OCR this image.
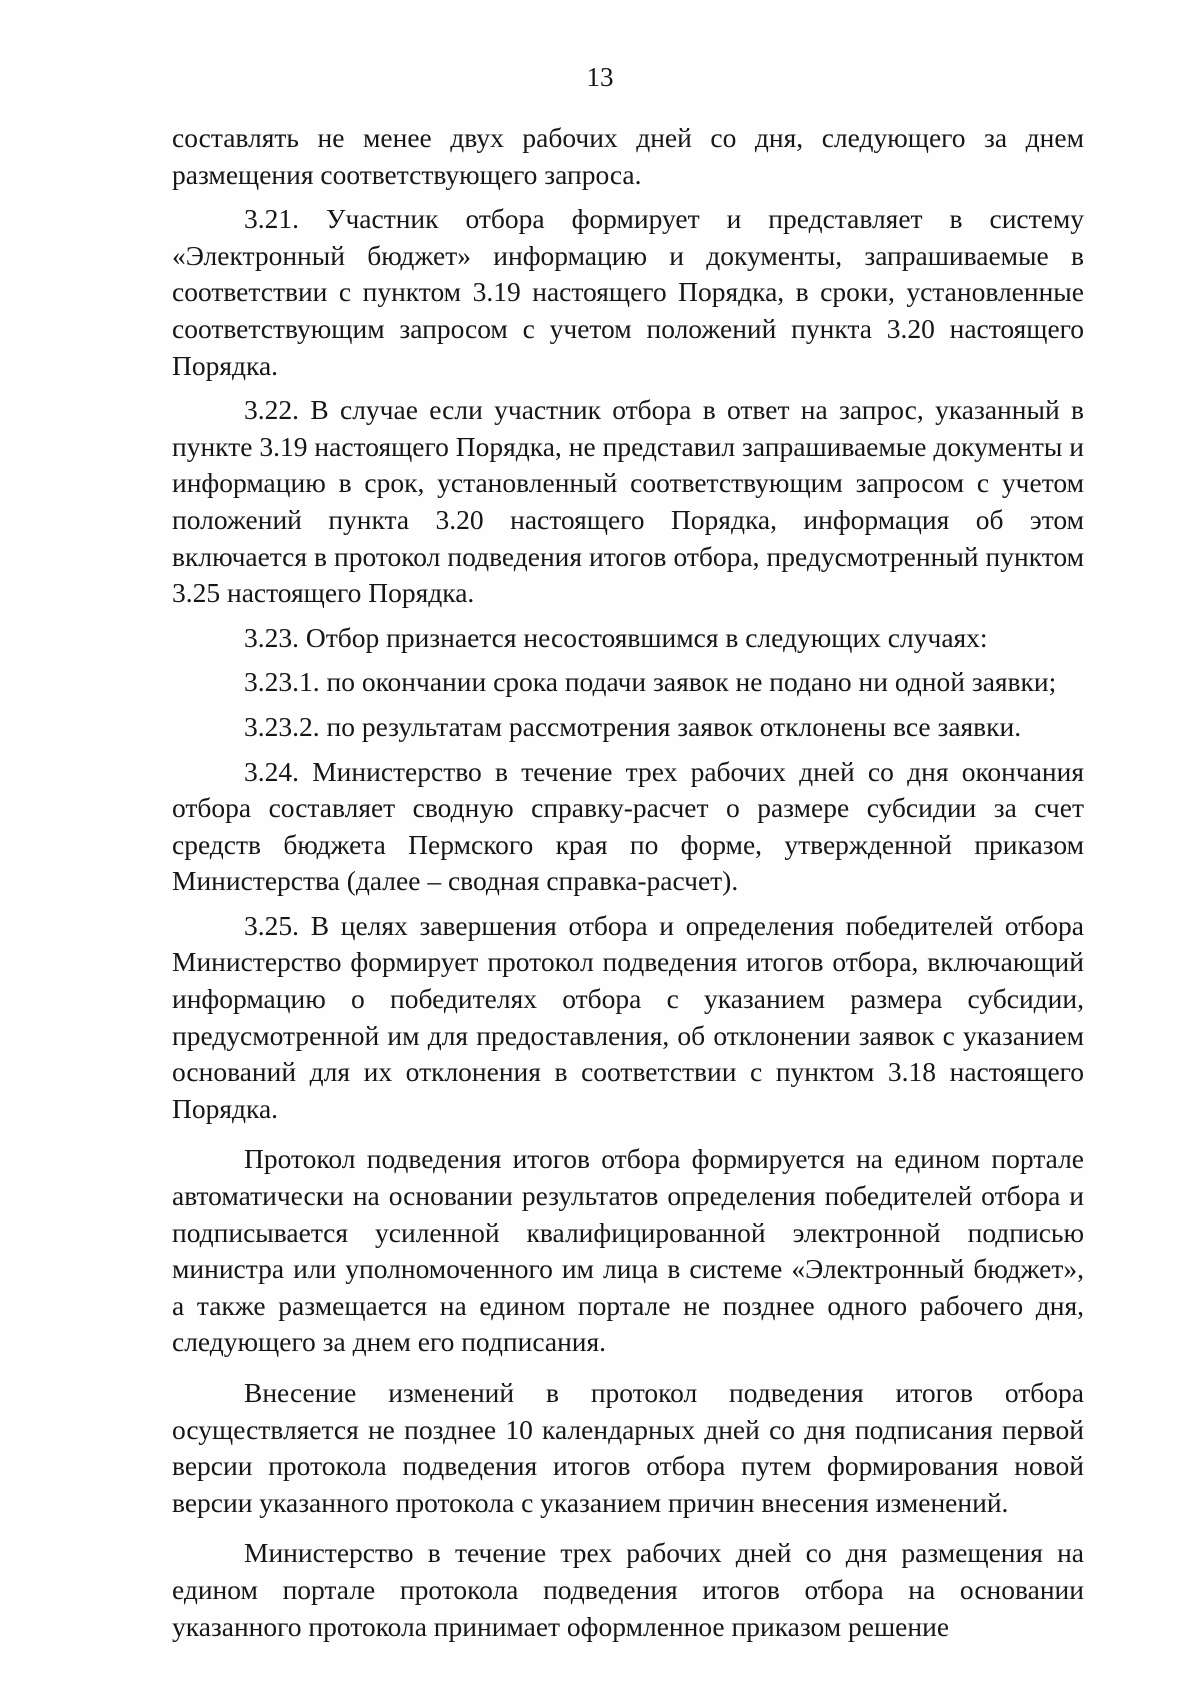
13

составлять не менее двух рабочих дней со дня, следующего за днем размещения соответствующего запроса.

3.21. Участник отбора формирует и представляет в систему «Электронный бюджет» информацию и документы, запрашиваемые в соответствии с пунктом 3.19 настоящего Порядка, в сроки, установленные соответствующим запросом с учетом положений пункта 3.20 настоящего Порядка.

3.22. В случае если участник отбора в ответ на запрос, указанный в пункте 3.19 настоящего Порядка, не представил запрашиваемые документы и информацию в срок, установленный соответствующим запросом с учетом положений пункта 3.20 настоящего Порядка, информация об этом включается в протокол подведения итогов отбора, предусмотренный пунктом 3.25 настоящего Порядка.

3.23. Отбор признается несостоявшимся в следующих случаях:

3.23.1. по окончании срока подачи заявок не подано ни одной заявки;

3.23.2. по результатам рассмотрения заявок отклонены все заявки.

3.24. Министерство в течение трех рабочих дней со дня окончания отбора составляет сводную справку-расчет о размере субсидии за счет средств бюджета Пермского края по форме, утвержденной приказом Министерства (далее – сводная справка-расчет).

3.25. В целях завершения отбора и определения победителей отбора Министерство формирует протокол подведения итогов отбора, включающий информацию о победителях отбора с указанием размера субсидии, предусмотренной им для предоставления, об отклонении заявок с указанием оснований для их отклонения в соответствии с пунктом 3.18 настоящего Порядка.

Протокол подведения итогов отбора формируется на едином портале автоматически на основании результатов определения победителей отбора и подписывается усиленной квалифицированной электронной подписью министра или уполномоченного им лица в системе «Электронный бюджет», а также размещается на едином портале не позднее одного рабочего дня, следующего за днем его подписания.

Внесение изменений в протокол подведения итогов отбора осуществляется не позднее 10 календарных дней со дня подписания первой версии протокола подведения итогов отбора путем формирования новой версии указанного протокола с указанием причин внесения изменений.

Министерство в течение трех рабочих дней со дня размещения на едином портале протокола подведения итогов отбора на основании указанного протокола принимает оформленное приказом решение
